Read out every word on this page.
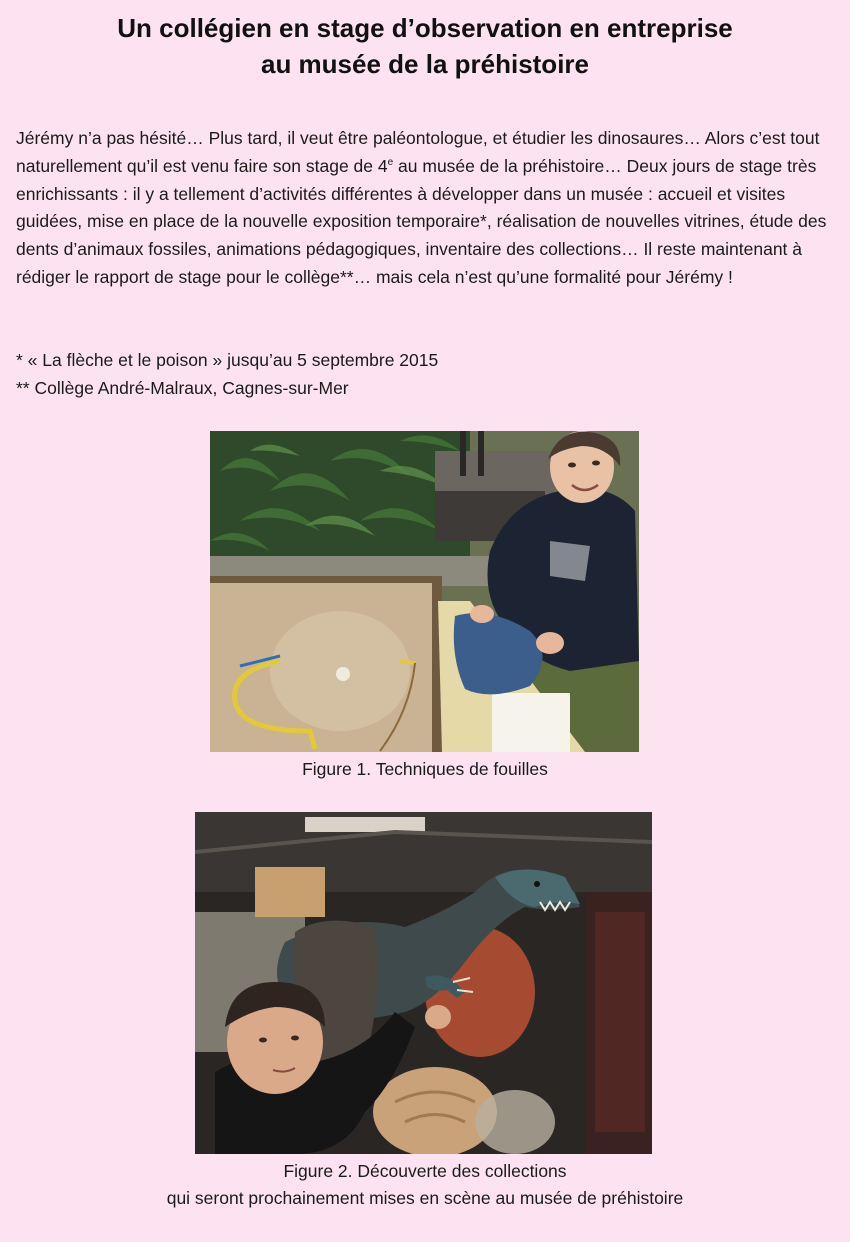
Un collégien en stage d’observation en entreprise
au musée de la préhistoire
Jérémy n’a pas hésité… Plus tard, il veut être paléontologue, et étudier les dinosaures… Alors c’est tout naturellement qu’il est venu faire son stage de 4e au musée de la préhistoire… Deux jours de stage très enrichissants : il y a tellement d’activités différentes à développer dans un musée : accueil et visites guidées, mise en place de la nouvelle exposition temporaire*, réalisation de nouvelles vitrines, étude des dents d’animaux fossiles, animations pédagogiques, inventaire des collections… Il reste maintenant à rédiger le rapport de stage pour le collège**… mais cela n’est qu’une formalité pour Jérémy !
* « La flèche et le poison » jusqu’au 5 septembre 2015
** Collège André-Malraux, Cagnes-sur-Mer
Figure 1. Techniques de fouilles
Figure 2. Découverte des collections
qui seront prochainement mises en scène au musée de préhistoire
